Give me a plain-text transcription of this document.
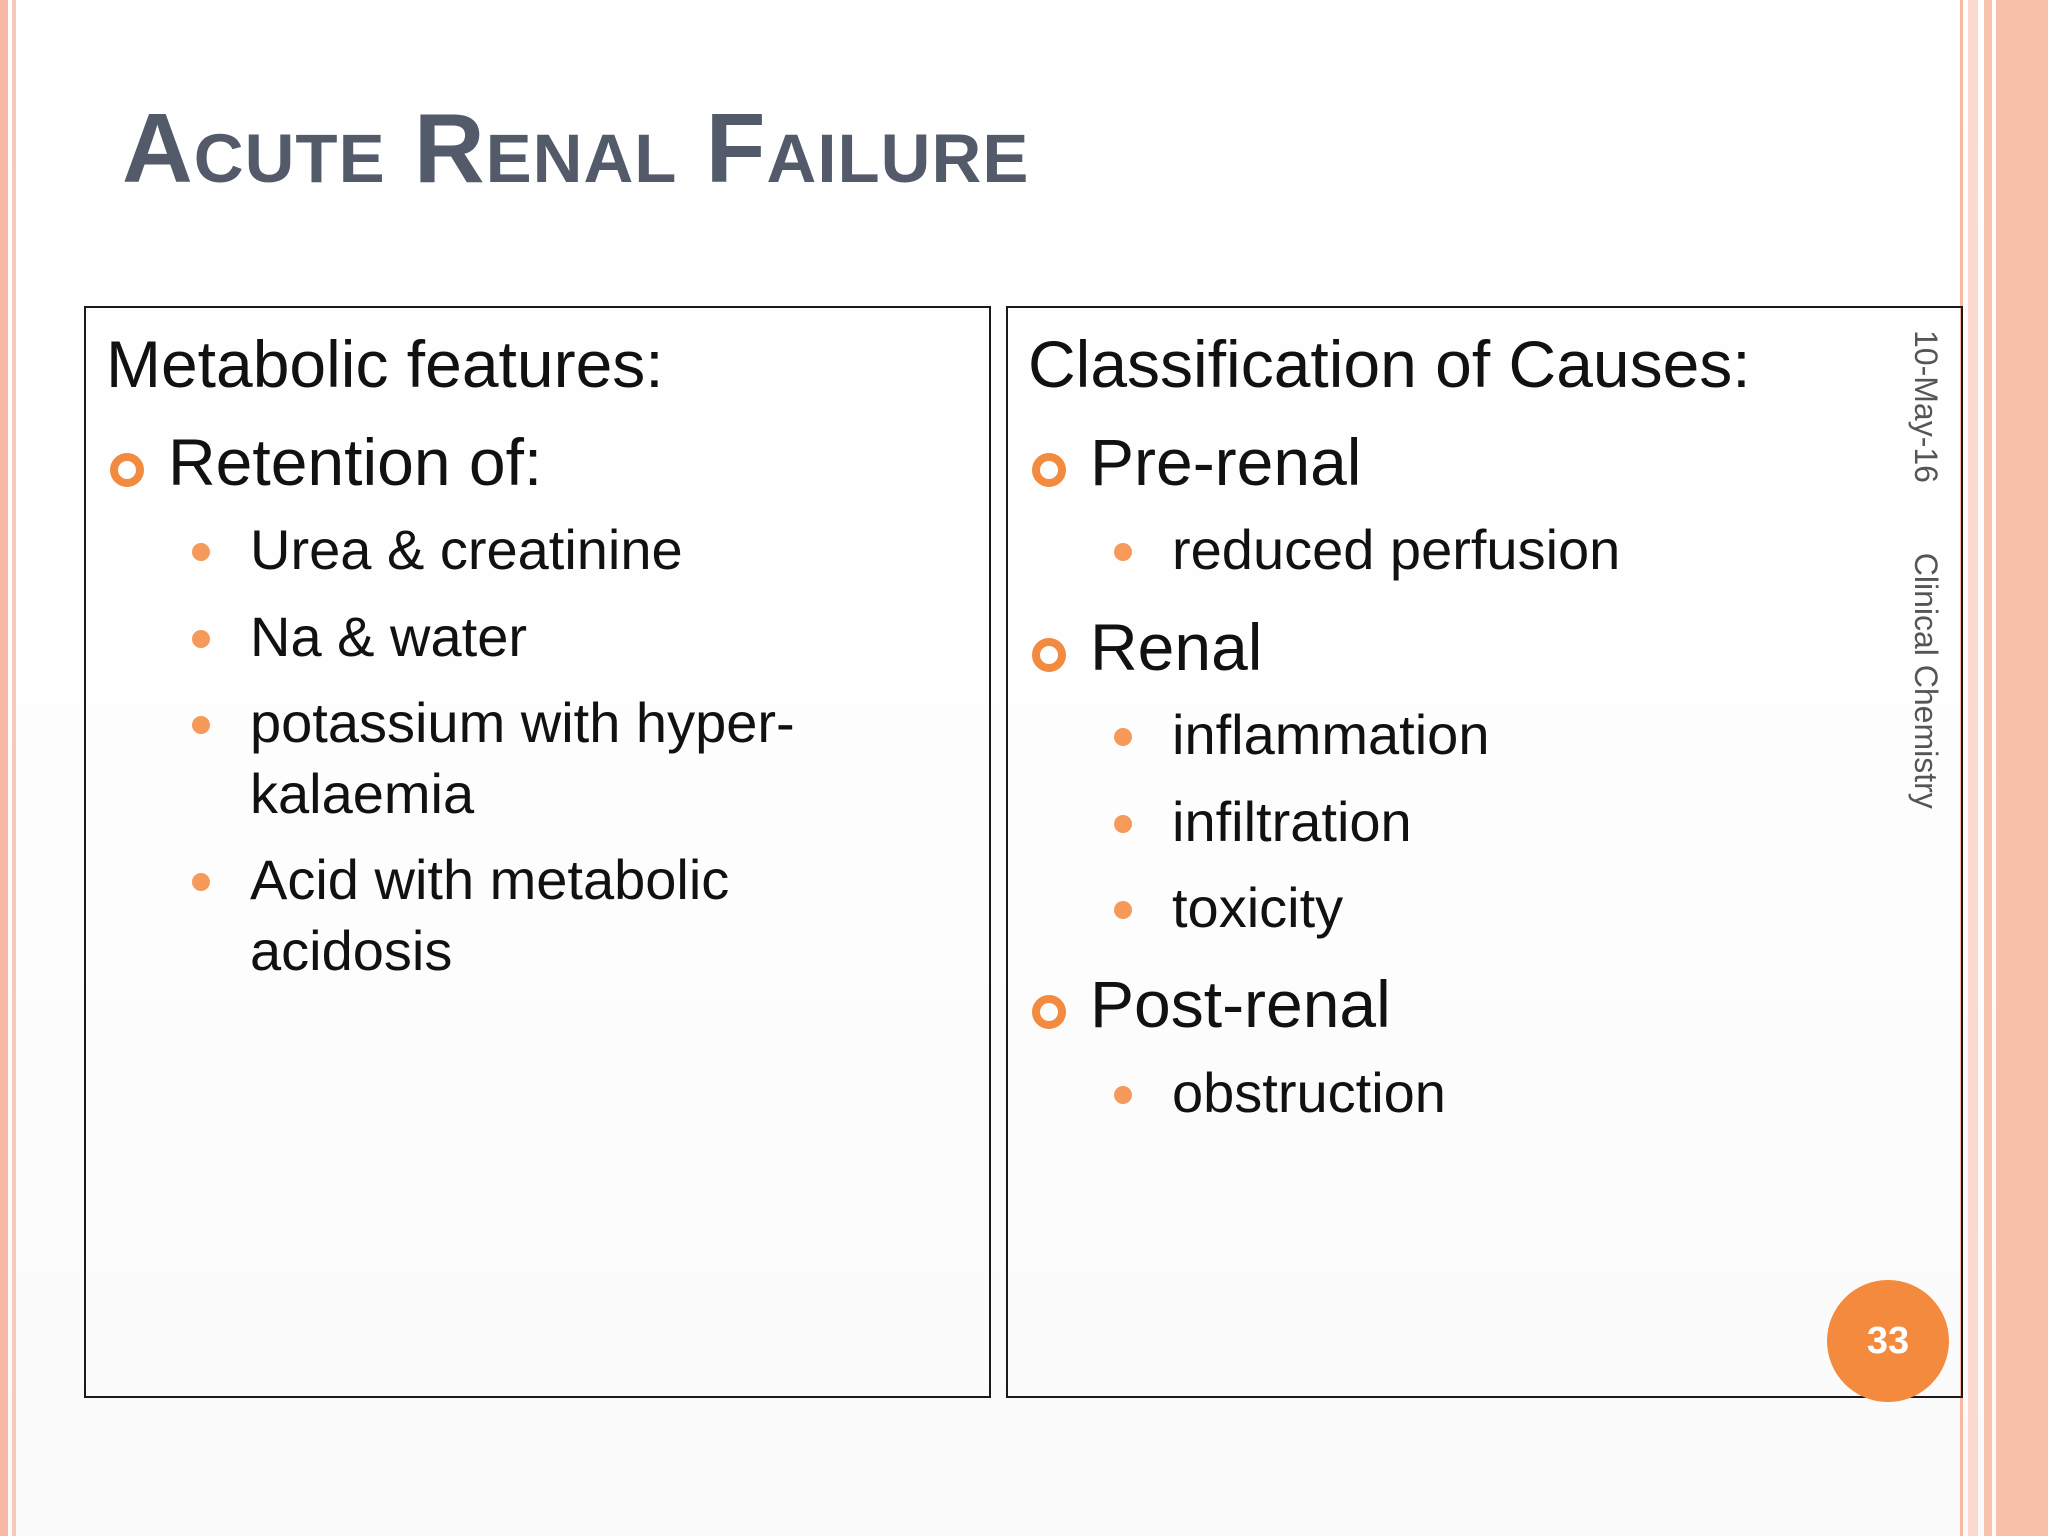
Acute Renal Failure
Metabolic features:
Retention of:
Urea & creatinine
Na & water
potassium with hyper-
kalaemia
Acid with metabolic
acidosis
Classification of Causes:
Pre-renal
reduced perfusion
Renal
inflammation
infiltration
toxicity
Post-renal
obstruction
10-May-16  Clinical Chemistry
33
